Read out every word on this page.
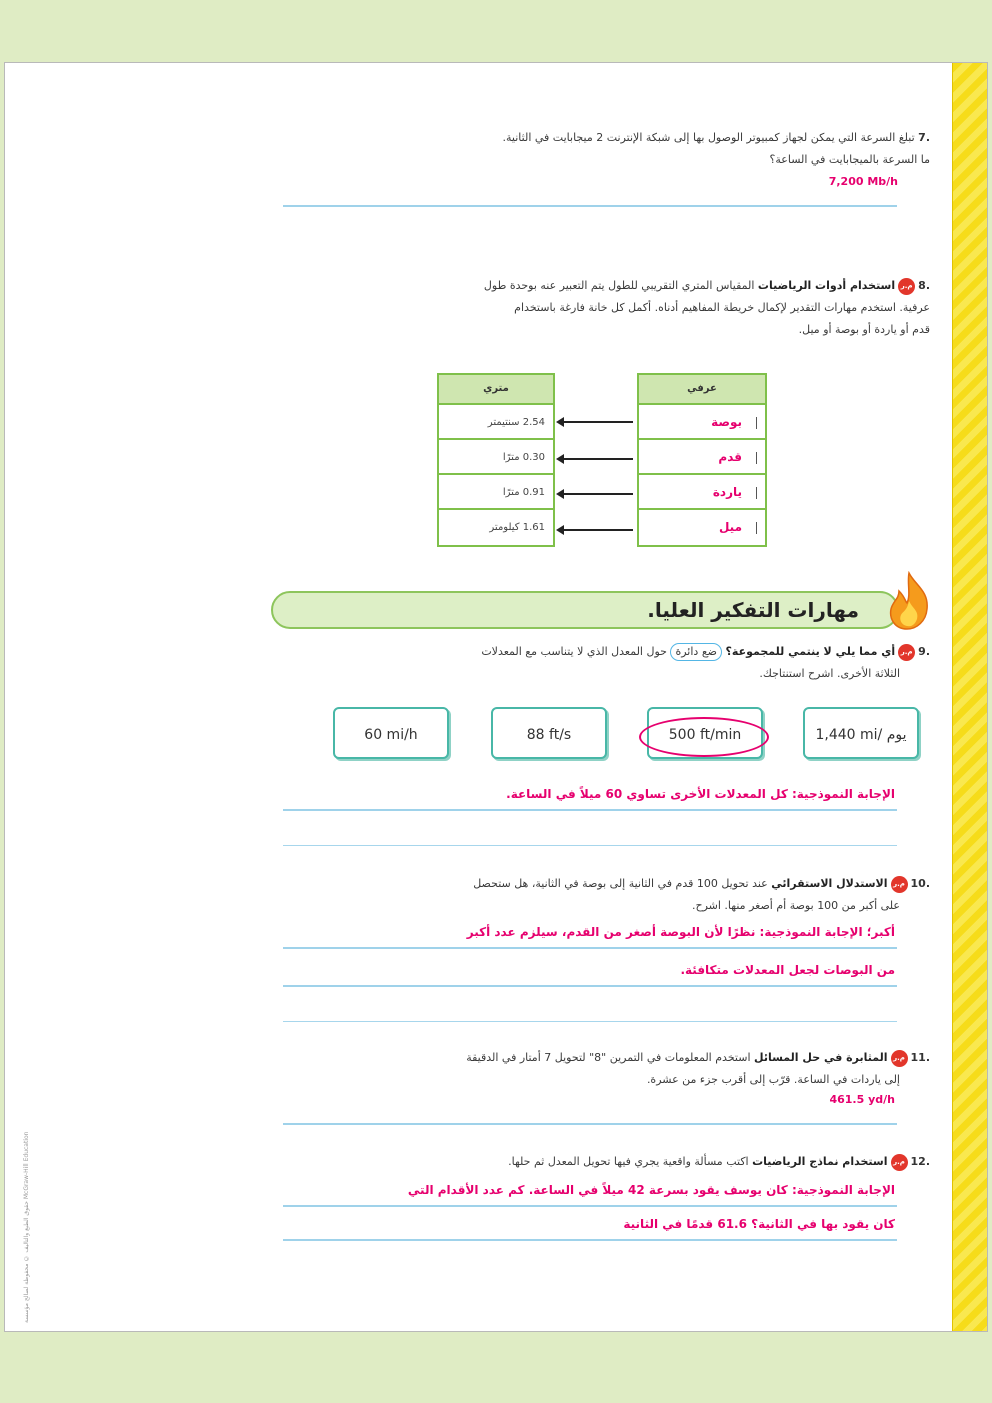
حقوق الطبع والتأليف © محفوظة لصالح مؤسسة McGraw-Hill Education

.7 تبلغ السرعة التي يمكن لجهاز كمبيوتر الوصول بها إلى شبكة الإنترنت 2 ميجابايت في الثانية.

ما السرعة بالميجابايت في الساعة؟

7,200 Mb/h

.8م.راستخدام أدوات الرياضيات المقياس المتري التقريبي للطول يتم التعبير عنه بوحدة طول

عرفية. استخدم مهارات التقدير لإكمال خريطة المفاهيم أدناه. أكمل كل خانة فارغة باستخدام

قدم أو ياردة أو بوصة أو ميل.

عرفي
بوصة
قدم
ياردة
ميل
متري
2.54 سنتيمتر
0.30 مترًا
0.91 مترًا
1.61 كيلومتر
مهارات التفكير العليا.

.9م.رأي مما يلي لا ينتمي للمجموعة؟ ضع دائرة حول المعدل الذي لا يتناسب مع المعدلات

الثلاثة الأخرى. اشرح استنتاجك.

1,440 mi/ يوم
500 ft/min
88 ft/s
60 mi/h
الإجابة النموذجية: كل المعدلات الأخرى تساوي 60 ميلاً في الساعة.

.10م.رالاستدلال الاستقرائي عند تحويل 100 قدم في الثانية إلى بوصة في الثانية، هل ستحصل

على أكبر من 100 بوصة أم أصغر منها. اشرح.

أكبر؛ الإجابة النموذجية: نظرًا لأن البوصة أصغر من القدم، سيلزم عدد أكبر
من البوصات لجعل المعدلات متكافئة.

.11م.رالمثابرة في حل المسائل استخدم المعلومات في التمرين "8" لتحويل 7 أمتار في الدقيقة

إلى ياردات في الساعة. قرّب إلى أقرب جزء من عشرة.

461.5 yd/h

.12م.راستخدام نماذج الرياضيات اكتب مسألة واقعية يجري فيها تحويل المعدل ثم حلها.

الإجابة النموذجية: كان يوسف يقود بسرعة 42 ميلاً في الساعة. كم عدد الأقدام التي
كان يقود بها في الثانية؟ 61.6 قدمًا في الثانية
